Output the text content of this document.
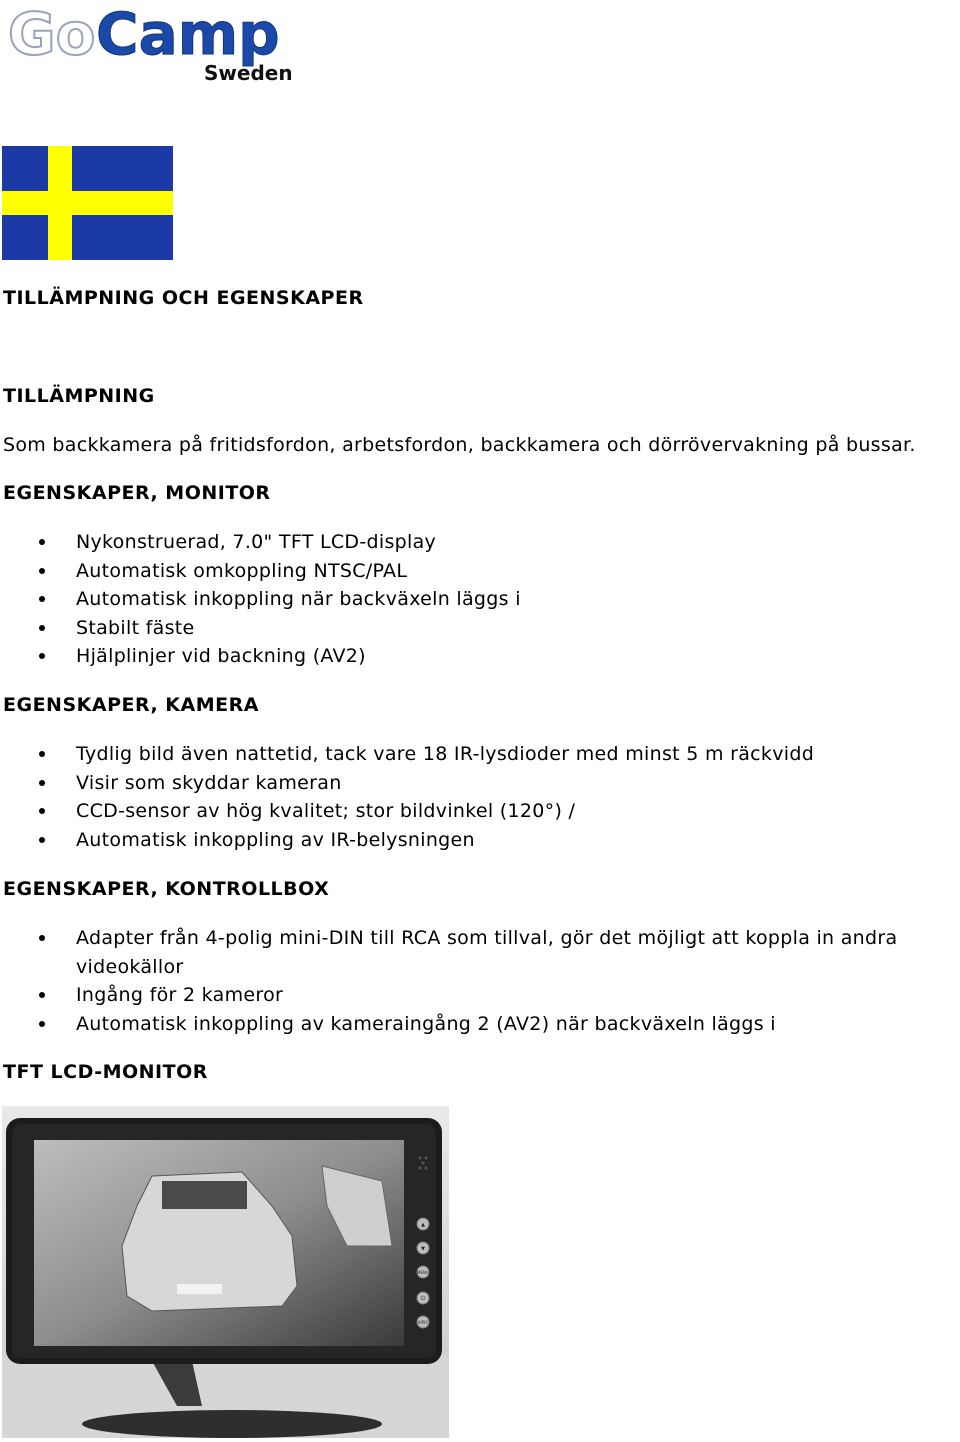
Go Camp
Sweden
TILLÄMPNING OCH EGENSKAPER
TILLÄMPNING

Som backkamera på fritidsfordon, arbetsfordon, backkamera och dörrövervakning på bussar.

EGENSKAPER, MONITOR
Nykonstruerad, 7.0" TFT LCD-display
Automatisk omkoppling NTSC/PAL
Automatisk inkoppling när backväxeln läggs i
Stabilt fäste
Hjälplinjer vid backning (AV2)
EGENSKAPER, KAMERA
Tydlig bild även nattetid, tack vare 18 IR-lysdioder med minst 5 m räckvidd
Visir som skyddar kameran
CCD-sensor av hög kvalitet; stor bildvinkel (120°) /
Automatisk inkoppling av IR-belysningen
EGENSKAPER, KONTROLLBOX
Adapter från 4-polig mini-DIN till RCA som tillval, gör det möjligt att koppla in andra videokällor
Ingång för 2 kameror
Automatisk inkoppling av kameraingång 2 (AV2) när backväxeln läggs i
TFT LCD-MONITOR
▲
▼
MENU
⏻
V/PIC
